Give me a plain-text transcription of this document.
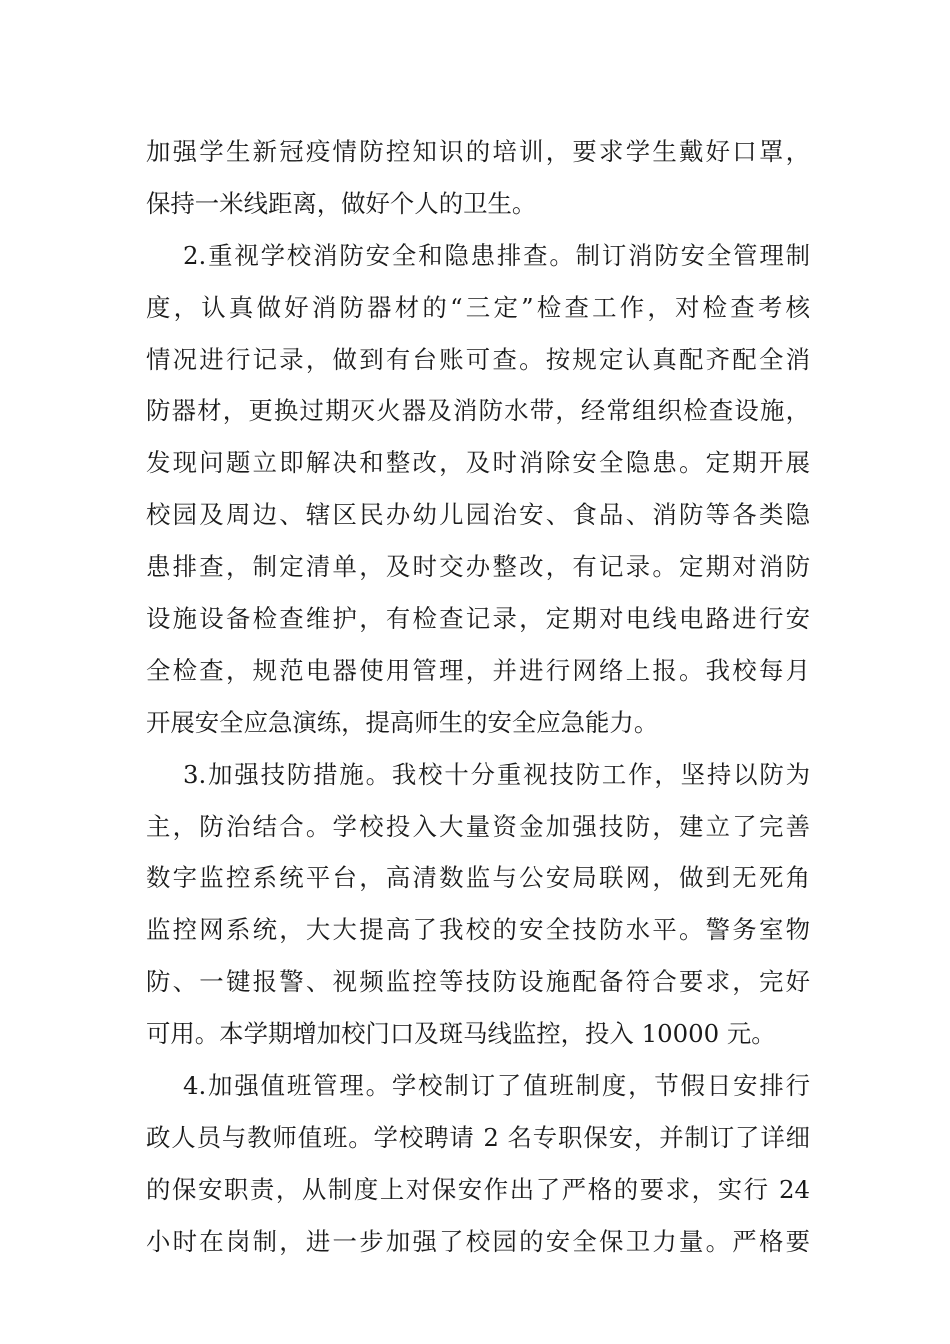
加强学生新冠疫情防控知识的培训，要求学生戴好口罩，
保持一米线距离，做好个人的卫生。
2.重视学校消防安全和隐患排查。制订消防安全管理制
度，认真做好消防器材的“三定”检查工作，对检查考核
情况进行记录，做到有台账可查。按规定认真配齐配全消
防器材，更换过期灭火器及消防水带，经常组织检查设施，
发现问题立即解决和整改，及时消除安全隐患。定期开展
校园及周边、辖区民办幼儿园治安、食品、消防等各类隐
患排查，制定清单，及时交办整改，有记录。定期对消防
设施设备检查维护，有检查记录，定期对电线电路进行安
全检查，规范电器使用管理，并进行网络上报。我校每月
开展安全应急演练，提高师生的安全应急能力。
3.加强技防措施。我校十分重视技防工作，坚持以防为
主，防治结合。学校投入大量资金加强技防，建立了完善
数字监控系统平台，高清数监与公安局联网，做到无死角
监控网系统，大大提高了我校的安全技防水平。警务室物
防、一键报警、视频监控等技防设施配备符合要求，完好
可用。本学期增加校门口及斑马线监控，投入 10000 元。
4.加强值班管理。学校制订了值班制度，节假日安排行
政人员与教师值班。学校聘请 2 名专职保安，并制订了详细
的保安职责，从制度上对保安作出了严格的要求，实行 24
小时在岗制，进一步加强了校园的安全保卫力量。严格要
